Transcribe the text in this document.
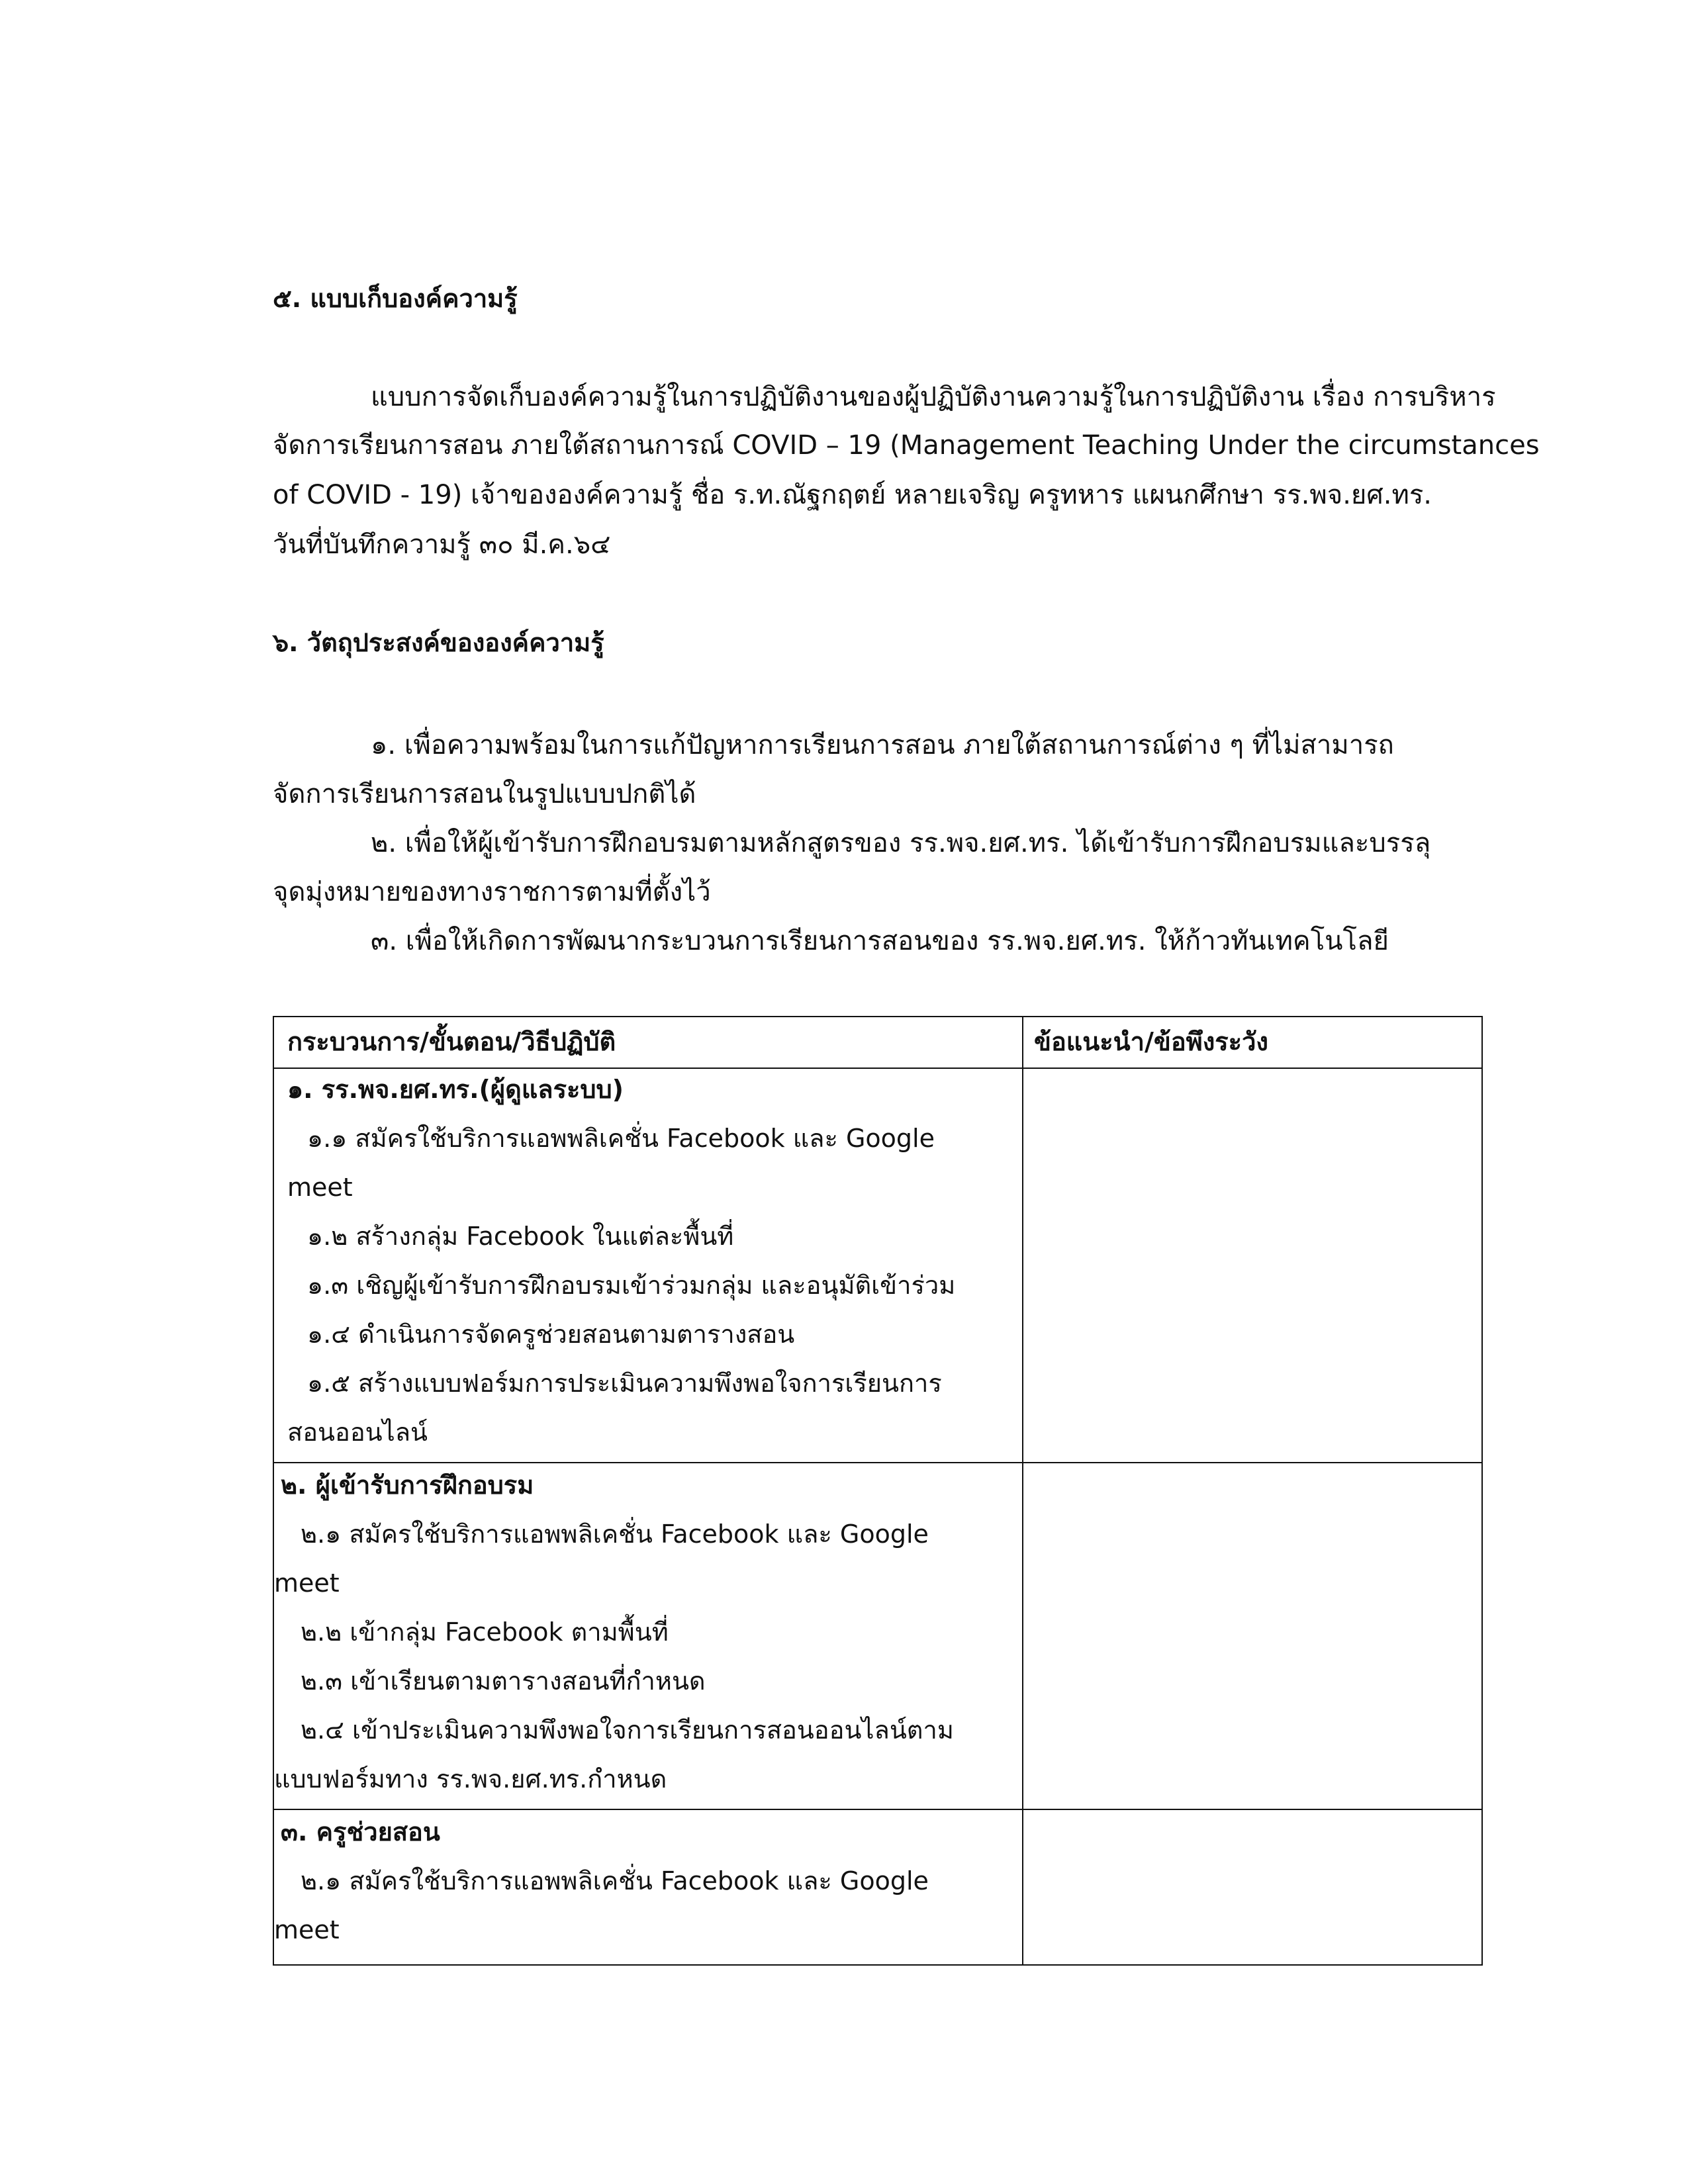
๕. แบบเก็บองค์ความรู้
แบบการจัดเก็บองค์ความรู้ในการปฏิบัติงานของผู้ปฏิบัติงานความรู้ในการปฏิบัติงาน เรื่อง การบริหาร
จัดการเรียนการสอน ภายใต้สถานการณ์ COVID – 19 (Management Teaching Under the circumstances
of COVID - 19) เจ้าขององค์ความรู้ ชื่อ ร.ท.ณัฐกฤตย์ หลายเจริญ ครูทหาร แผนกศึกษา รร.พจ.ยศ.ทร.
วันที่บันทึกความรู้ ๓๐ มี.ค.๖๔
๖. วัตถุประสงค์ขององค์ความรู้
๑. เพื่อความพร้อมในการแก้ปัญหาการเรียนการสอน ภายใต้สถานการณ์ต่าง ๆ ที่ไม่สามารถ
จัดการเรียนการสอนในรูปแบบปกติได้
๒. เพื่อให้ผู้เข้ารับการฝึกอบรมตามหลักสูตรของ รร.พจ.ยศ.ทร. ได้เข้ารับการฝึกอบรมและบรรลุ
จุดมุ่งหมายของทางราชการตามที่ตั้งไว้
๓. เพื่อให้เกิดการพัฒนากระบวนการเรียนการสอนของ รร.พจ.ยศ.ทร. ให้ก้าวทันเทคโนโลยี
กระบวนการ/ขั้นตอน/วิธีปฏิบัติ	ข้อแนะนำ/ข้อพึงระวัง
๑. รร.พจ.ยศ.ทร.(ผู้ดูแลระบบ)
๑.๑ สมัครใช้บริการแอพพลิเคชั่น Facebook และ Google
meet
๑.๒ สร้างกลุ่ม Facebook ในแต่ละพื้นที่
๑.๓ เชิญผู้เข้ารับการฝึกอบรมเข้าร่วมกลุ่ม และอนุมัติเข้าร่วม
๑.๔ ดำเนินการจัดครูช่วยสอนตามตารางสอน
๑.๕ สร้างแบบฟอร์มการประเมินความพึงพอใจการเรียนการ
สอนออนไลน์
๒. ผู้เข้ารับการฝึกอบรม
๒.๑ สมัครใช้บริการแอพพลิเคชั่น Facebook และ Google
meet
๒.๒ เข้ากลุ่ม Facebook ตามพื้นที่
๒.๓ เข้าเรียนตามตารางสอนที่กำหนด
๒.๔ เข้าประเมินความพึงพอใจการเรียนการสอนออนไลน์ตาม
แบบฟอร์มทาง รร.พจ.ยศ.ทร.กำหนด
๓. ครูช่วยสอน
๒.๑ สมัครใช้บริการแอพพลิเคชั่น Facebook และ Google
meet
